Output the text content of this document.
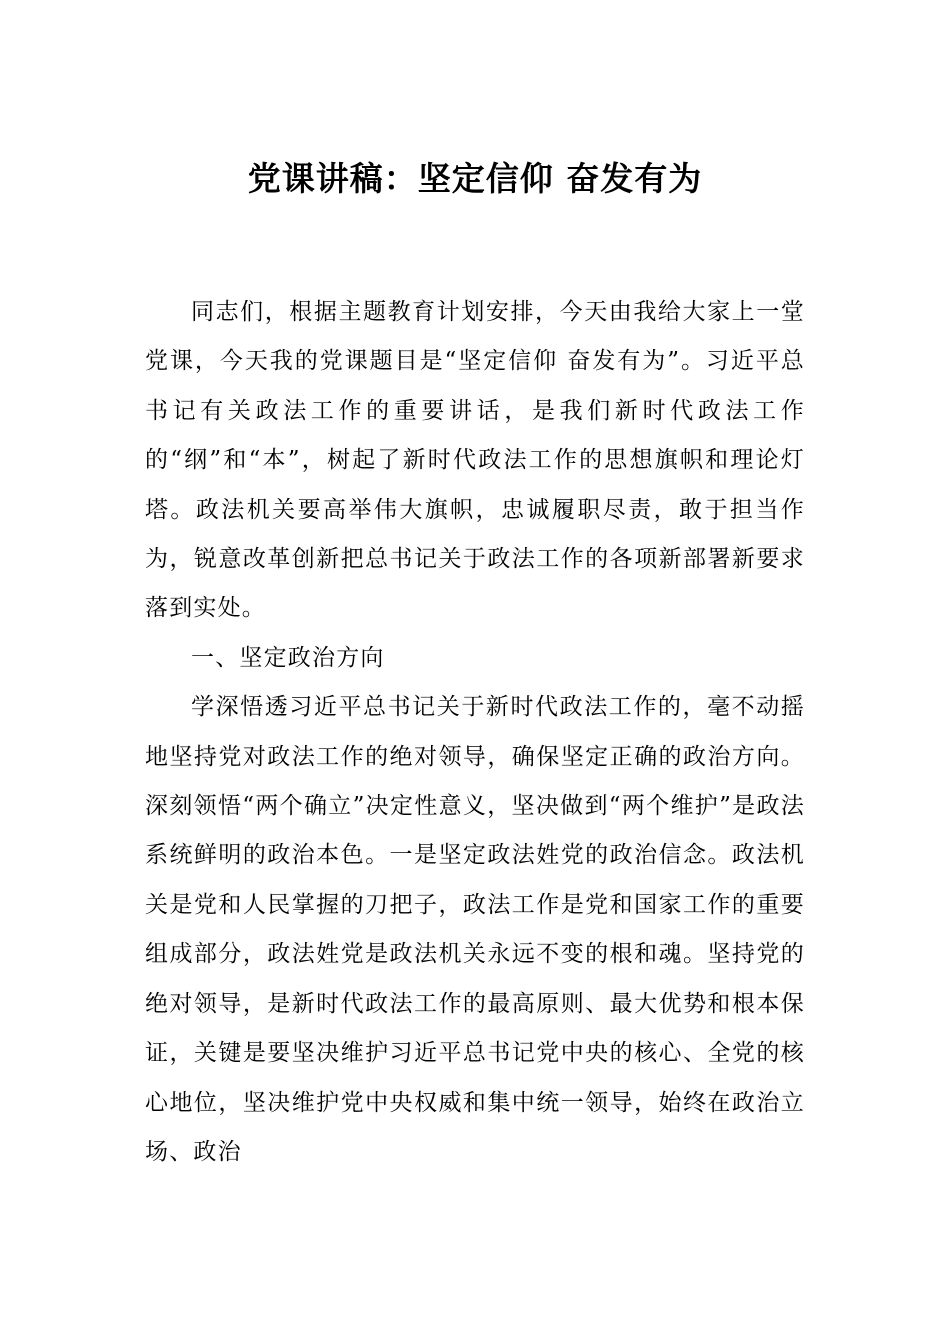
党课讲稿：坚定信仰 奋发有为

同志们，根据主题教育计划安排，今天由我给大家上一堂党课，今天我的党课题目是“坚定信仰 奋发有为”。习近平总书记有关政法工作的重要讲话，是我们新时代政法工作的“纲”和“本”，树起了新时代政法工作的思想旗帜和理论灯塔。政法机关要高举伟大旗帜，忠诚履职尽责，敢于担当作为，锐意改革创新把总书记关于政法工作的各项新部署新要求落到实处。

一、坚定政治方向

学深悟透习近平总书记关于新时代政法工作的，毫不动摇地坚持党对政法工作的绝对领导，确保坚定正确的政治方向。深刻领悟“两个确立”决定性意义，坚决做到“两个维护”是政法系统鲜明的政治本色。一是坚定政法姓党的政治信念。政法机关是党和人民掌握的刀把子，政法工作是党和国家工作的重要组成部分，政法姓党是政法机关永远不变的根和魂。坚持党的绝对领导，是新时代政法工作的最高原则、最大优势和根本保证，关键是要坚决维护习近平总书记党中央的核心、全党的核心地位，坚决维护党中央权威和集中统一领导，始终在政治立场、政治
